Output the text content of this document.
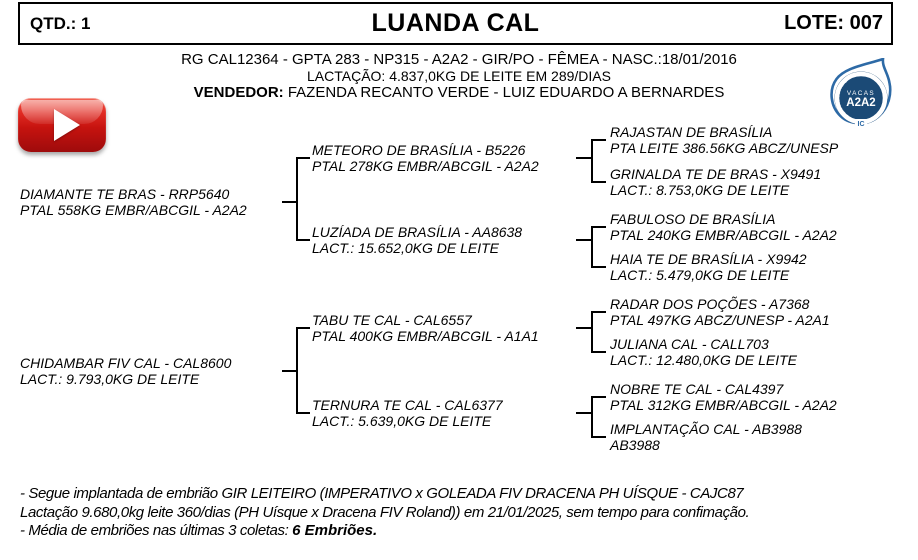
QTD.: 1	LUANDA CAL	LOTE: 007
RG CAL12364 - GPTA 283 - NP315 - A2A2 - GIR/PO - FÊMEA - NASC.:18/01/2016
LACTAÇÃO: 4.837,0KG DE LEITE EM 289/DIAS
VENDEDOR: FAZENDA RECANTO VERDE - LUIZ EDUARDO A BERNARDES
CERTIFICADO
VACAS
A2A2
IC
DIAMANTE TE BRAS - RRP5640
PTAL 558KG EMBR/ABCGIL - A2A2
CHIDAMBAR FIV CAL - CAL8600
LACT.: 9.793,0KG DE LEITE
METEORO DE BRASÍLIA - B5226
PTAL 278KG EMBR/ABCGIL - A2A2
LUZÍADA DE BRASÍLIA - AA8638
LACT.: 15.652,0KG DE LEITE
TABU TE CAL - CAL6557
PTAL 400KG EMBR/ABCGIL - A1A1
TERNURA TE CAL - CAL6377
LACT.: 5.639,0KG DE LEITE
RAJASTAN DE BRASÍLIA
PTA LEITE 386.56KG ABCZ/UNESP
GRINALDA TE DE BRAS - X9491
LACT.: 8.753,0KG DE LEITE
FABULOSO DE BRASÍLIA
PTAL 240KG EMBR/ABCGIL - A2A2
HAIA TE DE BRASÍLIA - X9942
LACT.: 5.479,0KG DE LEITE
RADAR DOS POÇÕES - A7368
PTAL 497KG ABCZ/UNESP - A2A1
JULIANA CAL - CALL703
LACT.: 12.480,0KG DE LEITE
NOBRE TE CAL - CAL4397
PTAL 312KG EMBR/ABCGIL - A2A2
IMPLANTAÇÃO CAL - AB3988
AB3988
- Segue implantada de embrião GIR LEITEIRO (IMPERATIVO x GOLEADA FIV DRACENA PH UÍSQUE - CAJC87
Lactação 9.680,0kg leite 360/dias (PH Uísque x Dracena FIV Roland)) em 21/01/2025, sem tempo para confimação.
- Média de embriões nas últimas 3 coletas: 6 Embriões.
